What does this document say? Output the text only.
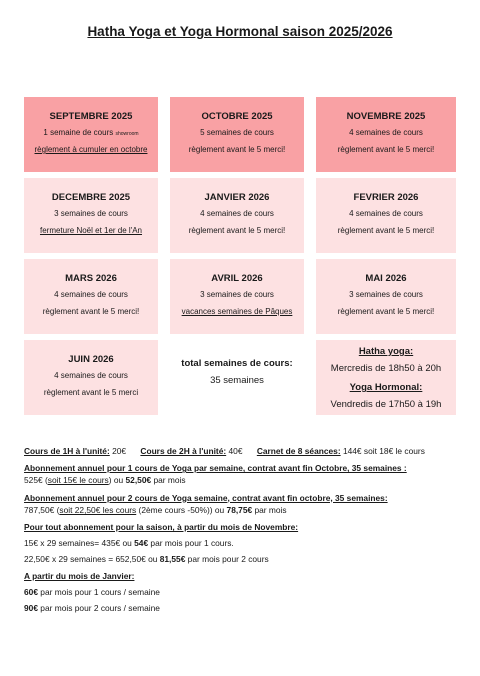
Hatha Yoga et Yoga Hormonal saison 2025/2026
SEPTEMBRE 2025
1 semaine de cours showroom
règlement à cumuler en octobre
OCTOBRE 2025
5 semaines de cours
règlement avant le 5 merci!
NOVEMBRE 2025
4 semaines de cours
règlement avant le 5 merci!
DECEMBRE 2025
3 semaines de cours
fermeture Noël et 1er de l'An
JANVIER 2026
4 semaines de cours
règlement avant le 5 merci!
FEVRIER 2026
4 semaines de cours
règlement avant le 5 merci!
MARS 2026
4 semaines de cours
règlement avant le 5 merci!
AVRIL 2026
3 semaines de cours
vacances semaines de Pâques
MAI 2026
3 semaines de cours
règlement avant le 5 merci!
JUIN 2026
4 semaines de cours
règlement avant le 5 merci
total semaines de cours:
35 semaines
Hatha yoga:
Mercredis de 18h50 à 20h
Yoga Hormonal:
Vendredis de 17h50 à 19h

Cours de 1H à l'unité: 20€ Cours de 2H à l'unité: 40€ Carnet de 8 séances: 144€ soit 18€ le cours

Abonnement annuel pour 1 cours de Yoga par semaine, contrat avant fin Octobre, 35 semaines :

525€ (soit 15€ le cours) ou 52,50€ par mois

Abonnement annuel pour 2 cours de Yoga semaine, contrat avant fin octobre, 35 semaines:

787,50€ (soit 22,50€ les cours (2ème cours -50%)) ou 78,75€ par mois

Pour tout abonnement pour la saison, à partir du mois de Novembre:

15€ x 29 semaines= 435€ ou 54€ par mois pour 1 cours.

22,50€ x 29 semaines = 652,50€ ou 81,55€ par mois pour 2 cours

A partir du mois de Janvier:

60€ par mois pour 1 cours / semaine

90€ par mois pour 2 cours / semaine
